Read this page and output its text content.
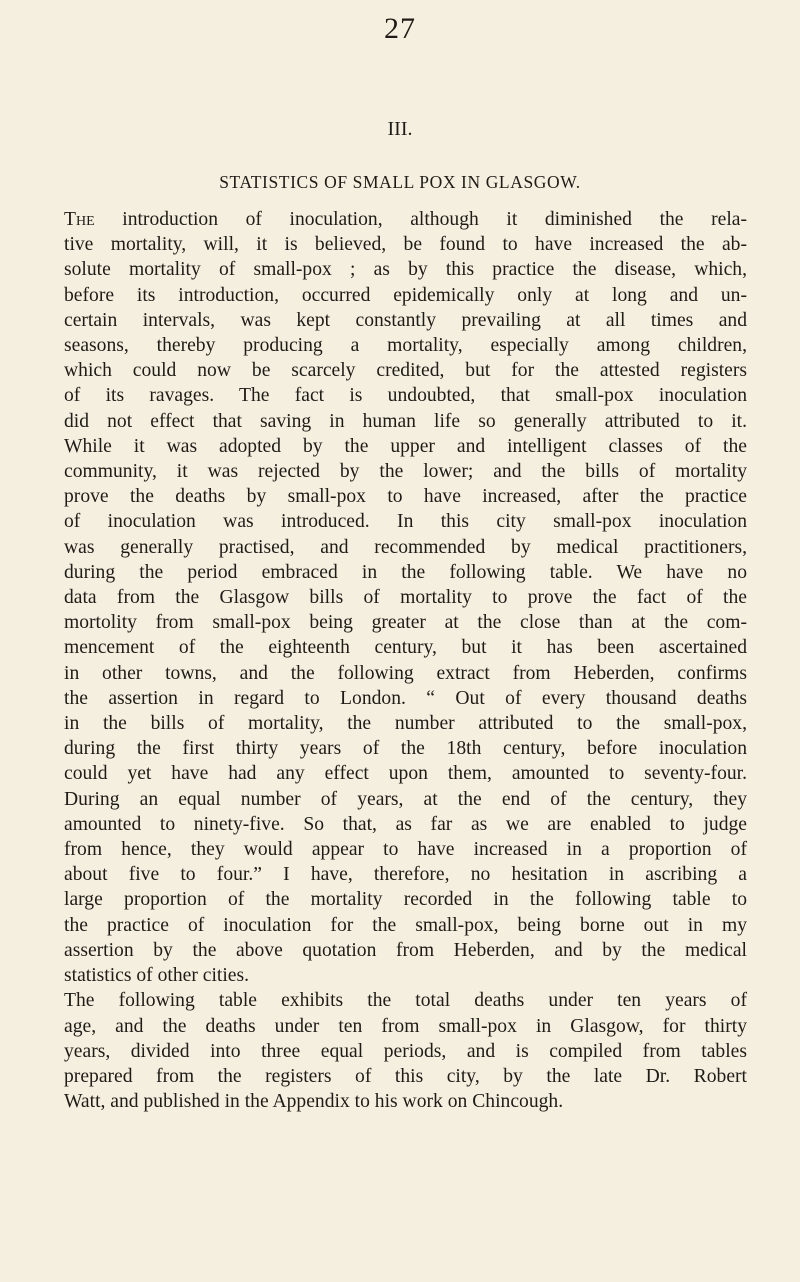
27
III.
STATISTICS OF SMALL POX IN GLASGOW.

The introduction of inoculation, although it diminished the rela-
tive mortality, will, it is believed, be found to have increased the ab-
solute mortality of small-pox ; as by this practice the disease, which,
before its introduction, occurred epidemically only at long and un-
certain intervals, was kept constantly prevailing at all times and
seasons, thereby producing a mortality, especially among children,
which could now be scarcely credited, but for the attested registers
of its ravages. The fact is undoubted, that small-pox inoculation
did not effect that saving in human life so generally attributed to it.
While it was adopted by the upper and intelligent classes of the
community, it was rejected by the lower; and the bills of mortality
prove the deaths by small-pox to have increased, after the practice
of inoculation was introduced. In this city small-pox inoculation
was generally practised, and recommended by medical practitioners,
during the period embraced in the following table. We have no
data from the Glasgow bills of mortality to prove the fact of the
mortolity from small-pox being greater at the close than at the com-
mencement of the eighteenth century, but it has been ascertained
in other towns, and the following extract from Heberden, confirms
the assertion in regard to London. “ Out of every thousand deaths
in the bills of mortality, the number attributed to the small-pox,
during the first thirty years of the 18th century, before inoculation
could yet have had any effect upon them, amounted to seventy-four.
During an equal number of years, at the end of the century, they
amounted to ninety-five. So that, as far as we are enabled to judge
from hence, they would appear to have increased in a proportion of
about five to four.” I have, therefore, no hesitation in ascribing a
large proportion of the mortality recorded in the following table to
the practice of inoculation for the small-pox, being borne out in my
assertion by the above quotation from Heberden, and by the medical
statistics of other cities.

The following table exhibits the total deaths under ten years of
age, and the deaths under ten from small-pox in Glasgow, for thirty
years, divided into three equal periods, and is compiled from tables
prepared from the registers of this city, by the late Dr. Robert
Watt, and published in the Appendix to his work on Chincough.
